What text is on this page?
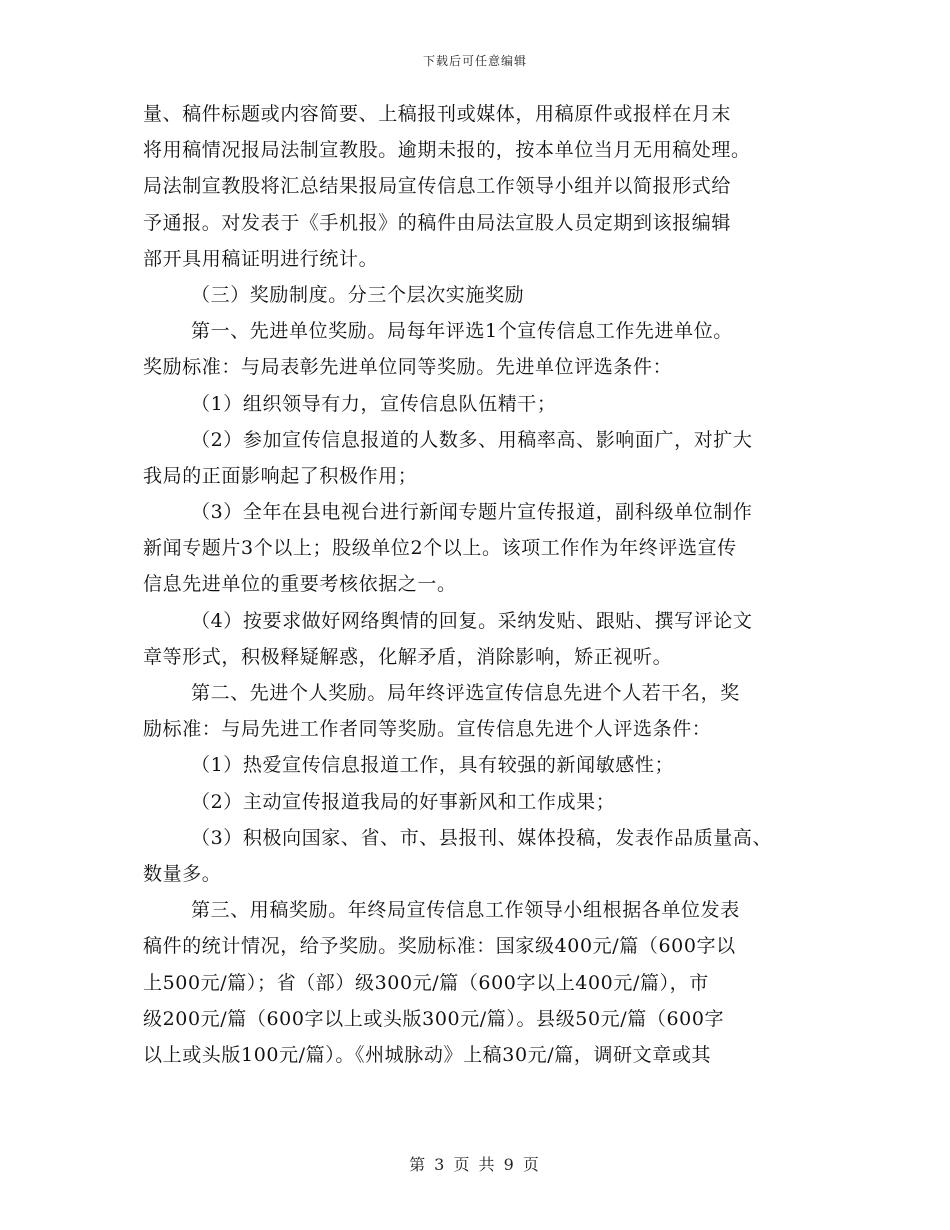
下载后可任意编辑
量、稿件标题或内容简要、上稿报刊或媒体，用稿原件或报样在月末
将用稿情况报局法制宣教股。逾期未报的，按本单位当月无用稿处理。
局法制宣教股将汇总结果报局宣传信息工作领导小组并以简报形式给
予通报。对发表于《手机报》的稿件由局法宣股人员定期到该报编辑
部开具用稿证明进行统计。
（三）奖励制度。分三个层次实施奖励
第一、先进单位奖励。局每年评选1个宣传信息工作先进单位。
奖励标准：与局表彰先进单位同等奖励。先进单位评选条件：
（1）组织领导有力，宣传信息队伍精干；
（2）参加宣传信息报道的人数多、用稿率高、影响面广，对扩大
我局的正面影响起了积极作用；
（3）全年在县电视台进行新闻专题片宣传报道，副科级单位制作
新闻专题片3个以上；股级单位2个以上。该项工作作为年终评选宣传
信息先进单位的重要考核依据之一。
（4）按要求做好网络舆情的回复。采纳发贴、跟贴、撰写评论文
章等形式，积极释疑解惑，化解矛盾，消除影响，矫正视听。
第二、先进个人奖励。局年终评选宣传信息先进个人若干名，奖
励标准：与局先进工作者同等奖励。宣传信息先进个人评选条件：
（1）热爱宣传信息报道工作，具有较强的新闻敏感性；
（2）主动宣传报道我局的好事新风和工作成果；
（3）积极向国家、省、市、县报刊、媒体投稿，发表作品质量高、
数量多。
第三、用稿奖励。年终局宣传信息工作领导小组根据各单位发表
稿件的统计情况，给予奖励。奖励标准：国家级400元/篇（600字以
上500元/篇）；省（部）级300元/篇（600字以上400元/篇），市
级200元/篇（600字以上或头版300元/篇）。县级50元/篇（600字
以上或头版100元/篇）。《州城脉动》上稿30元/篇，调研文章或其
第 3 页 共 9 页
